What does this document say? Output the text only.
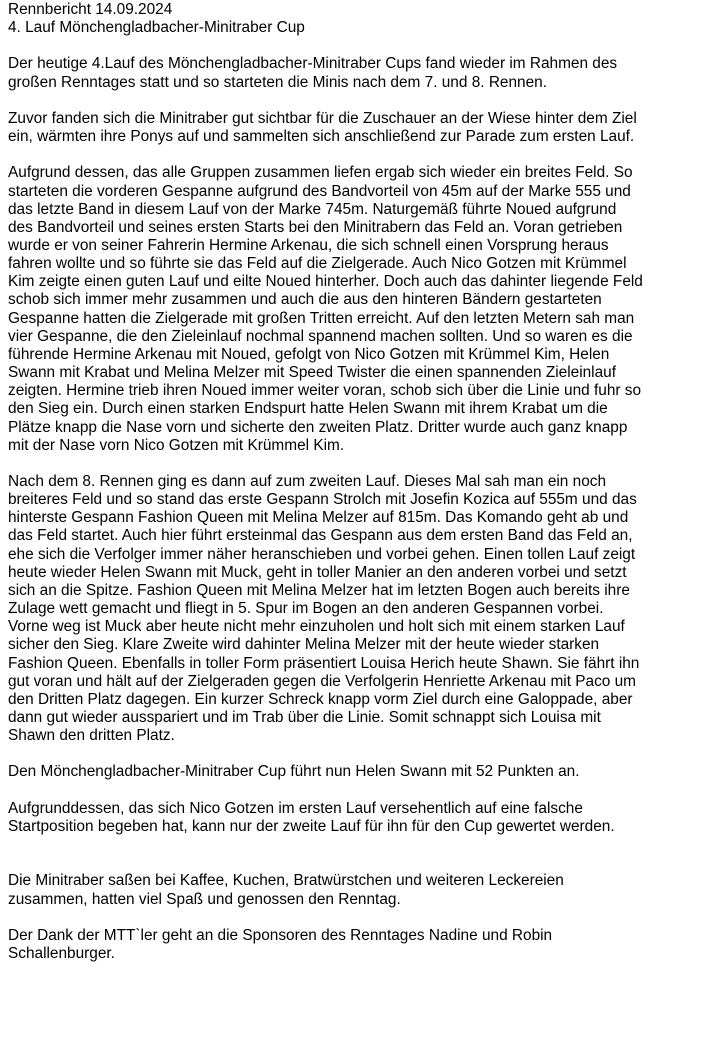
Rennbericht 14.09.2024

4. Lauf Mönchengladbacher-Minitraber Cup

Der heutige 4.Lauf des Mönchengladbacher-Minitraber Cups fand wieder im Rahmen des
großen Renntages statt und so starteten die Minis nach dem 7. und 8. Rennen.

Zuvor fanden sich die Minitraber gut sichtbar für die Zuschauer an der Wiese hinter dem Ziel
ein, wärmten ihre Ponys auf und sammelten sich anschließend zur Parade zum ersten Lauf.

Aufgrund dessen, das alle Gruppen zusammen liefen ergab sich wieder ein breites Feld. So
starteten die vorderen Gespanne aufgrund des Bandvorteil von 45m auf der Marke 555 und
das letzte Band in diesem Lauf von der Marke 745m. Naturgemäß führte Noued aufgrund
des Bandvorteil und seines ersten Starts bei den Minitrabern das Feld an. Voran getrieben
wurde er von seiner Fahrerin Hermine Arkenau, die sich schnell einen Vorsprung heraus
fahren wollte und so führte sie das Feld auf die Zielgerade. Auch Nico Gotzen mit Krümmel
Kim zeigte einen guten Lauf und eilte Noued hinterher. Doch auch das dahinter liegende Feld
schob sich immer mehr zusammen und auch die aus den hinteren Bändern gestarteten
Gespanne hatten die Zielgerade mit großen Tritten erreicht. Auf den letzten Metern sah man
vier Gespanne, die den Zieleinlauf nochmal spannend machen sollten. Und so waren es die
führende Hermine Arkenau mit Noued, gefolgt von Nico Gotzen mit Krümmel Kim, Helen
Swann mit Krabat und Melina Melzer mit Speed Twister die einen spannenden Zieleinlauf
zeigten. Hermine trieb ihren Noued immer weiter voran, schob sich über die Linie und fuhr so
den Sieg ein. Durch einen starken Endspurt hatte Helen Swann mit ihrem Krabat um die
Plätze knapp die Nase vorn und sicherte den zweiten Platz. Dritter wurde auch ganz knapp
mit der Nase vorn Nico Gotzen mit Krümmel Kim.

Nach dem 8. Rennen ging es dann auf zum zweiten Lauf. Dieses Mal sah man ein noch
breiteres Feld und so stand das erste Gespann Strolch mit Josefin Kozica auf 555m und das
hinterste Gespann Fashion Queen mit Melina Melzer auf 815m. Das Komando geht ab und
das Feld startet. Auch hier führt ersteinmal das Gespann aus dem ersten Band das Feld an,
ehe sich die Verfolger immer näher heranschieben und vorbei gehen. Einen tollen Lauf zeigt
heute wieder Helen Swann mit Muck, geht in toller Manier an den anderen vorbei und setzt
sich an die Spitze. Fashion Queen mit Melina Melzer hat im letzten Bogen auch bereits ihre
Zulage wett gemacht und fliegt in 5. Spur im Bogen an den anderen Gespannen vorbei.
Vorne weg ist Muck aber heute nicht mehr einzuholen und holt sich mit einem starken Lauf
sicher den Sieg. Klare Zweite wird dahinter Melina Melzer mit der heute wieder starken
Fashion Queen. Ebenfalls in toller Form präsentiert Louisa Herich heute Shawn. Sie fährt ihn
gut voran und hält auf der Zielgeraden gegen die Verfolgerin Henriette Arkenau mit Paco um
den Dritten Platz dagegen. Ein kurzer Schreck knapp vorm Ziel durch eine Galoppade, aber
dann gut wieder ausspariert und im Trab über die Linie. Somit schnappt sich Louisa mit
Shawn den dritten Platz.

Den Mönchengladbacher-Minitraber Cup führt nun Helen Swann mit 52 Punkten an.

Aufgrunddessen, das sich Nico Gotzen im ersten Lauf versehentlich auf eine falsche
Startposition begeben hat, kann nur der zweite Lauf für ihn für den Cup gewertet werden.

Die Minitraber saßen bei Kaffee, Kuchen, Bratwürstchen und weiteren Leckereien
zusammen, hatten viel Spaß und genossen den Renntag.

Der Dank der MTT`ler geht an die Sponsoren des Renntages Nadine und Robin
Schallenburger.
